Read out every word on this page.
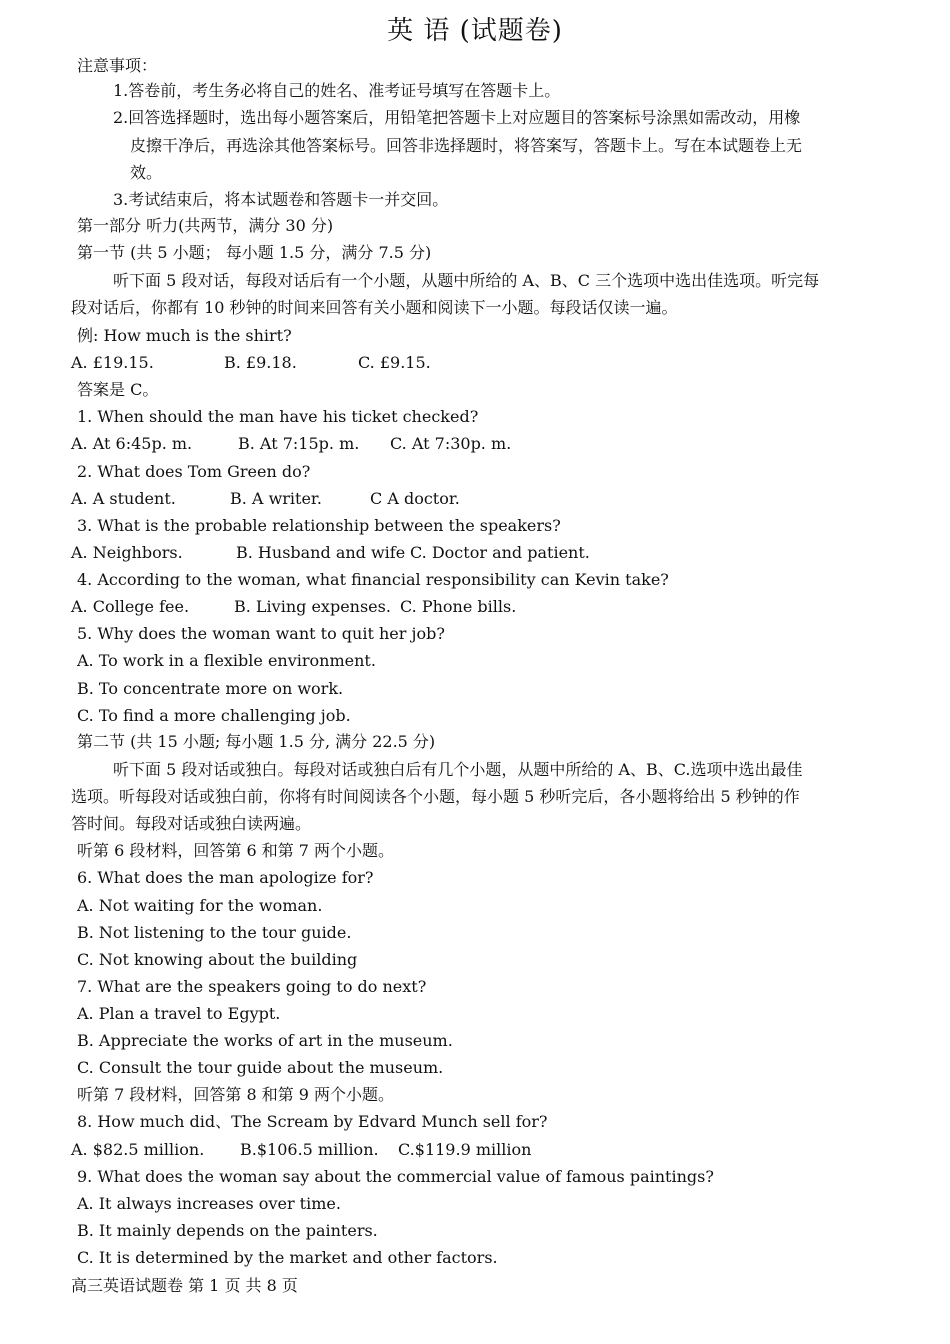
英 语 (试题卷)
注意事项：
1.答卷前，考生务必将自己的姓名、准考证号填写在答题卡上。
2.回答选择题时，选出每小题答案后，用铅笔把答题卡上对应题目的答案标号涂黑如需改动，用橡
皮擦干净后，再选涂其他答案标号。回答非选择题时，将答案写，答题卡上。写在本试题卷上无
效。
3.考试结束后，将本试题卷和答题卡一并交回。
第一部分 听力(共两节，满分 30 分)
第一节 (共 5 小题； 每小题 1.5 分，满分 7.5 分)
听下面 5 段对话，每段对话后有一个小题，从题中所给的 A、B、C 三个选项中选出佳选项。听完每
段对话后，你都有 10 秒钟的时间来回答有关小题和阅读下一小题。每段话仅读一遍。
例: How much is the shirt?
A. £19.15.	B. £9.18.	C. £9.15.
答案是 C。
1. When should the man have his ticket checked?
A. At 6:45p. m.	B. At 7:15p. m. C. At 7:30p. m.
2. What does Tom Green do?
A. A student.	B. A writer.	C A doctor.
3. What is the probable relationship between the speakers?
A. Neighbors.	B. Husband and wife C. Doctor and patient.
4. According to the woman, what financial responsibility can Kevin take?
A. College fee.	B. Living expenses. C. Phone bills.
5. Why does the woman want to quit her job?
A. To work in a flexible environment.
B. To concentrate more on work.
C. To find a more challenging job.
第二节 (共 15 小题; 每小题 1.5 分, 满分 22.5 分)
听下面 5 段对话或独白。每段对话或独白后有几个小题，从题中所给的 A、B、C.选项中选出最佳
选项。听每段对话或独白前，你将有时间阅读各个小题，每小题 5 秒听完后，各小题将给出 5 秒钟的作
答时间。每段对话或独白读两遍。
听第 6 段材料，回答第 6 和第 7 两个小题。
6. What does the man apologize for?
A. Not waiting for the woman.
B. Not listening to the tour guide.
C. Not knowing about the building
7. What are the speakers going to do next?
A. Plan a travel to Egypt.
B. Appreciate the works of art in the museum.
C. Consult the tour guide about the museum.
听第 7 段材料，回答第 8 和第 9 两个小题。
8. How much did、The Scream by Edvard Munch sell for?
A. $82.5 million. B.$106.5 million. C.$119.9 million
9. What does the woman say about the commercial value of famous paintings?
A. It always increases over time.
B. It mainly depends on the painters.
C. It is determined by the market and other factors.
高三英语试题卷 第 1 页 共 8 页
